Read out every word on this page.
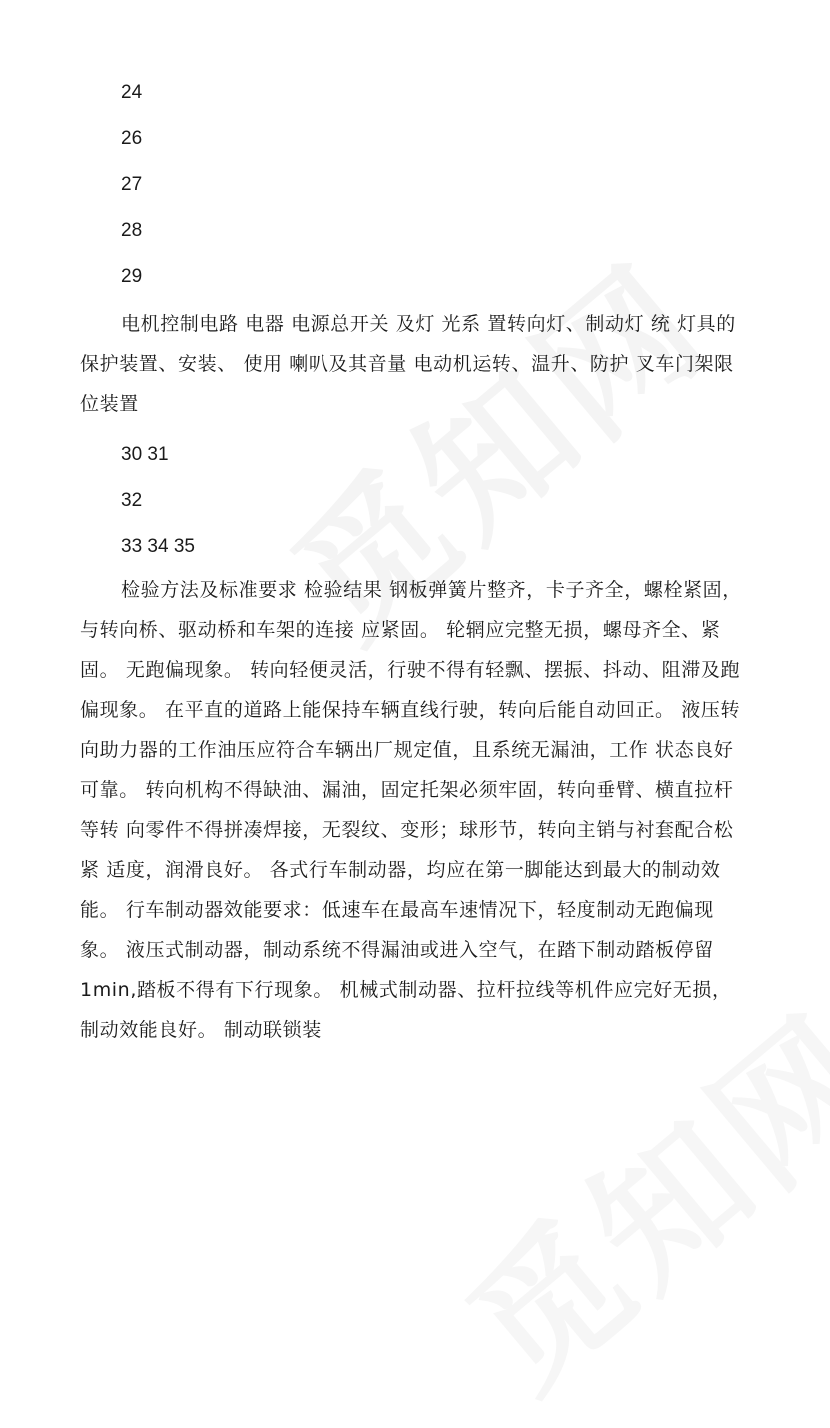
24
26
27
28
29
电机控制电路 电器 电源总开关 及灯 光系 置转向灯、制动灯 统 灯具的保护装置、安装、 使用 喇叭及其音量 电动机运转、温升、防护 叉车门架限位装置
30 31
32
33 34 35
检验方法及标准要求 检验结果 钢板弹簧片整齐，卡子齐全，螺栓紧固，与转向桥、驱动桥和车架的连接 应紧固。 轮辋应完整无损，螺母齐全、紧固。 无跑偏现象。 转向轻便灵活，行驶不得有轻飘、摆振、抖动、阻滞及跑偏现象。 在平直的道路上能保持车辆直线行驶，转向后能自动回正。 液压转向助力器的工作油压应符合车辆出厂规定值，且系统无漏油，工作 状态良好可靠。 转向机构不得缺油、漏油，固定托架必须牢固，转向垂臂、横直拉杆等转 向零件不得拼凑焊接，无裂纹、变形；球形节，转向主销与衬套配合松紧 适度，润滑良好。 各式行车制动器，均应在第一脚能达到最大的制动效能。 行车制动器效能要求：低速车在最高车速情况下，轻度制动无跑偏现象。 液压式制动器，制动系统不得漏油或进入空气，在踏下制动踏板停留 1min,踏板不得有下行现象。 机械式制动器、拉杆拉线等机件应完好无损，制动效能良好。 制动联锁装
